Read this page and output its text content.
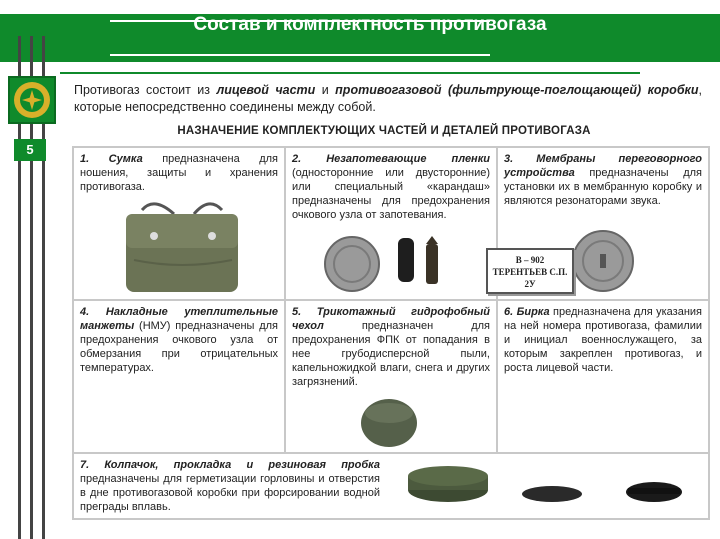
Состав и комплектность противогаза
5
Противогаз состоит из лицевой части и противогазовой (фильтрующе-поглощающей) коробки, которые непосредственно соединены между собой.
НАЗНАЧЕНИЕ КОМПЛЕКТУЮЩИХ ЧАСТЕЙ И ДЕТАЛЕЙ ПРОТИВОГАЗА
1. Сумка предназначена для ношения, защиты и хранения противогаза.
2. Незапотевающие пленки (односторонние или двусторонние) или специальный «карандаш» предназначены для предохранения очкового узла от запотевания.
3. Мембраны переговорного устройства предназначены для установки их в мембранную коробку и являются резонаторами звука.
4. Накладные утеплительные манжеты (НМУ) предназначены для предохранения очкового узла от обмерзания при отрицательных температурах.
5. Трикотажный гидрофобный чехол предназначен для предохранения ФПК от попадания в нее грубодисперсной пыли, капельножидкой влаги, снега и других загрязнений.
6. Бирка предназначена для указания на ней номера противогаза, фамилии и инициал военнослужащего, за которым закреплен противогаз, и роста лицевой части.
7. Колпачок, прокладка и резиновая пробка предназначены для герметизации горловины и отверстия в дне противогазовой коробки при форсировании водной преграды вплавь.
В – 902
ТЕРЕНТЬЕВ С.П.
2У
